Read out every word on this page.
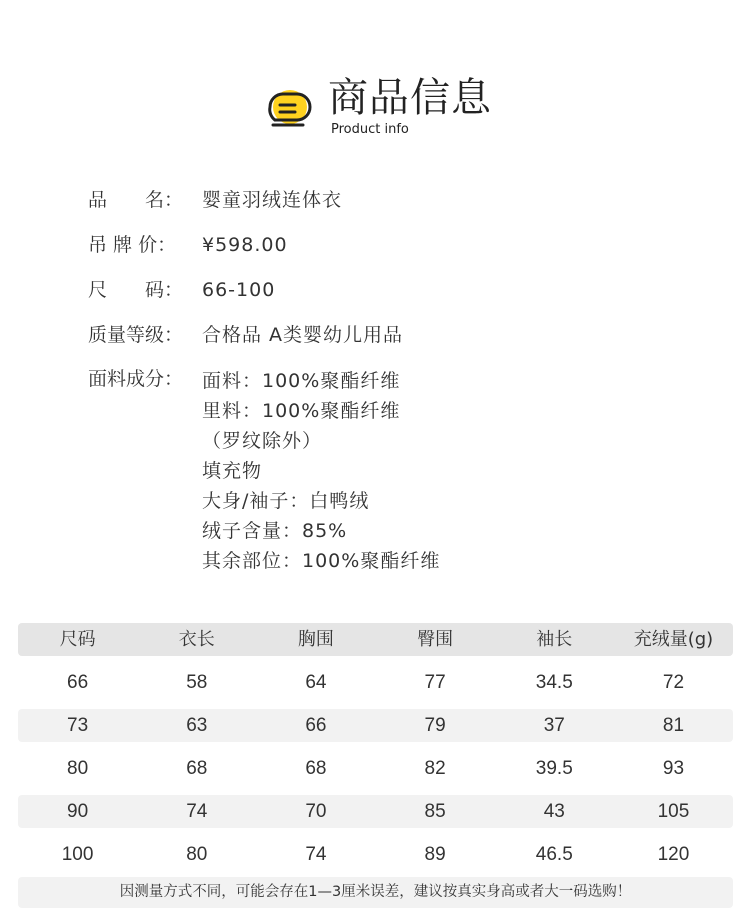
商品信息
Product info
品　　名： 婴童羽绒连体衣
吊 牌 价： ¥598.00
尺　　码： 66-100
质量等级： 合格品 A类婴幼儿用品
面料成分： 面料：100%聚酯纤维
里料：100%聚酯纤维
（罗纹除外）
填充物
大身/袖子：白鸭绒
绒子含量：85%
其余部位：100%聚酯纤维
尺码	衣长	胸围	臀围	袖长	充绒量(g)
66	58	64	77	34.5	72
73	63	66	79	37	81
80	68	68	82	39.5	93
90	74	70	85	43	105
100	80	74	89	46.5	120
因测量方式不同，可能会存在1—3厘米误差，建议按真实身高或者大一码选购！
